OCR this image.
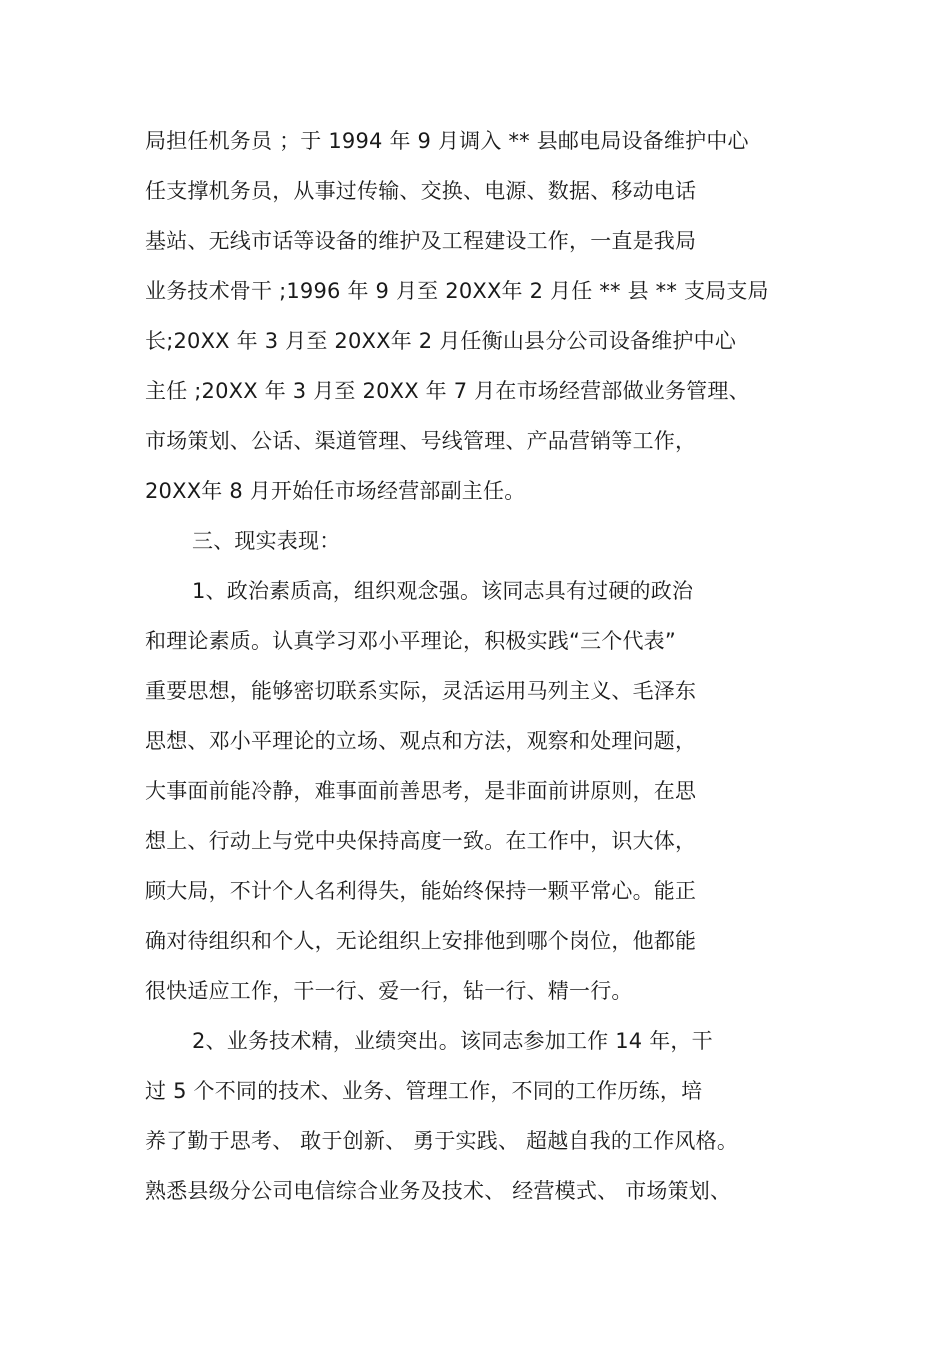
局担任机务员 ；于 1994 年 9 月调入 ** 县邮电局设备维护中心
任支撑机务员，从事过传输、交换、电源、数据、移动电话
基站、无线市话等设备的维护及工程建设工作，一直是我局
业务技术骨干 ;1996 年 9 月至 20XX年 2 月任 ** 县 ** 支局支局
长;20XX 年 3 月至 20XX年 2 月任衡山县分公司设备维护中心
主任 ;20XX 年 3 月至 20XX 年 7 月在市场经营部做业务管理、
市场策划、公话、渠道管理、号线管理、产品营销等工作，
20XX年 8 月开始任市场经营部副主任。
三、现实表现：
1、政治素质高，组织观念强。该同志具有过硬的政治
和理论素质。认真学习邓小平理论，积极实践“三个代表”
重要思想，能够密切联系实际，灵活运用马列主义、毛泽东
思想、邓小平理论的立场、观点和方法，观察和处理问题，
大事面前能冷静，难事面前善思考，是非面前讲原则，在思
想上、行动上与党中央保持高度一致。在工作中，识大体，
顾大局，不计个人名利得失，能始终保持一颗平常心。能正
确对待组织和个人，无论组织上安排他到哪个岗位，他都能
很快适应工作，干一行、爱一行，钻一行、精一行。
2、业务技术精，业绩突出。该同志参加工作 14 年，干
过 5 个不同的技术、业务、管理工作，不同的工作历练，培
养了勤于思考、 敢于创新、 勇于实践、 超越自我的工作风格。
熟悉县级分公司电信综合业务及技术、 经营模式、 市场策划、
